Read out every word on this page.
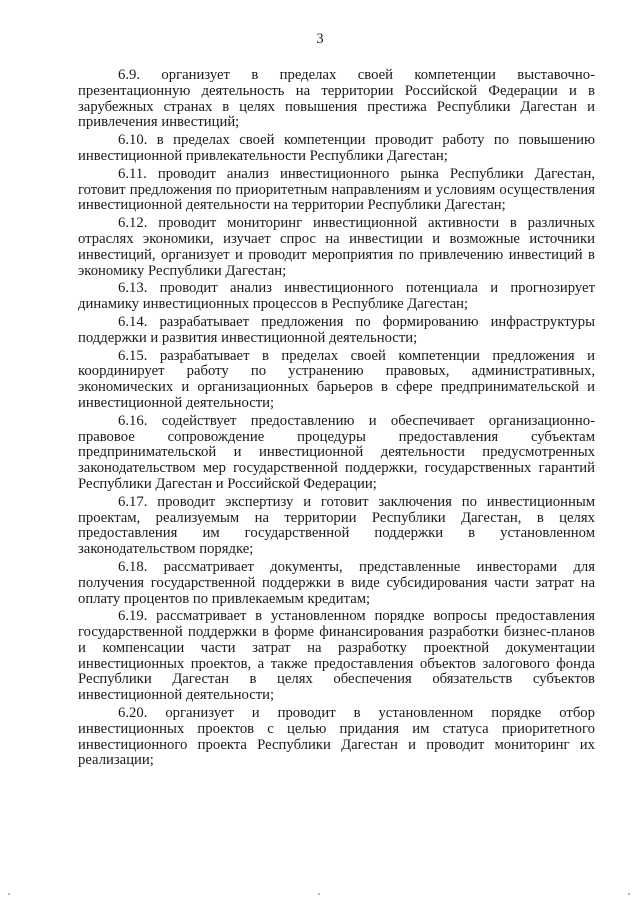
3

6.9. организует в пределах своей компетенции выставочно-презентационную деятельность на территории Российской Федерации и в зарубежных странах в целях повышения престижа Республики Дагестан и привлечения инвестиций;

6.10. в пределах своей компетенции проводит работу по повышению инвестиционной привлекательности Республики Дагестан;

6.11. проводит анализ инвестиционного рынка Республики Дагестан, готовит предложения по приоритетным направлениям и условиям осуществления инвестиционной деятельности на территории Республики Дагестан;

6.12. проводит мониторинг инвестиционной активности в различных отраслях экономики, изучает спрос на инвестиции и возможные источники инвестиций, организует и проводит мероприятия по привлечению инвестиций в экономику Республики Дагестан;

6.13. проводит анализ инвестиционного потенциала и прогнозирует динамику инвестиционных процессов в Республике Дагестан;

6.14. разрабатывает предложения по формированию инфраструктуры поддержки и развития инвестиционной деятельности;

6.15. разрабатывает в пределах своей компетенции предложения и координирует работу по устранению правовых, административных, экономических и организационных барьеров в сфере предпринимательской и инвестиционной деятельности;

6.16. содействует предоставлению и обеспечивает организационно-правовое сопровождение процедуры предоставления субъектам предпринимательской и инвестиционной деятельности предусмотренных законодательством мер государственной поддержки, государственных гарантий Республики Дагестан и Российской Федерации;

6.17. проводит экспертизу и готовит заключения по инвестиционным проектам, реализуемым на территории Республики Дагестан, в целях предоставления им государственной поддержки в установленном законодательством порядке;

6.18. рассматривает документы, представленные инвесторами для получения государственной поддержки в виде субсидирования части затрат на оплату процентов по привлекаемым кредитам;

6.19. рассматривает в установленном порядке вопросы предоставления государственной поддержки в форме финансирования разработки бизнес-планов и компенсации части затрат на разработку проектной документации инвестиционных проектов, а также предоставления объектов залогового фонда Республики Дагестан в целях обеспечения обязательств субъектов инвестиционной деятельности;

6.20. организует и проводит в установленном порядке отбор инвестиционных проектов с целью придания им статуса приоритетного инвестиционного проекта Республики Дагестан и проводит мониторинг их реализации;
